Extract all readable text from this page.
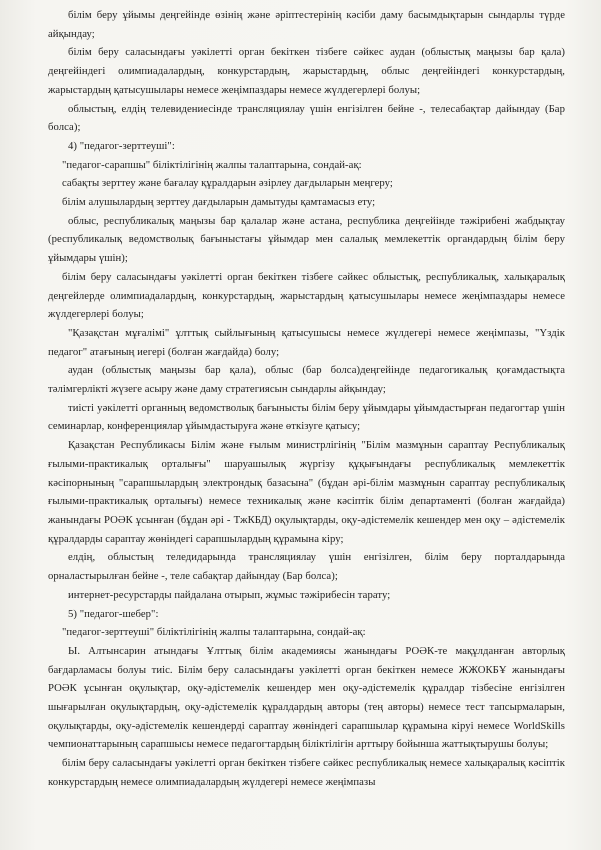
білім беру ұйымы деңгейінде өзінің және әріптестерінің кәсіби даму басымдықтарын сындарлы түрде айқындау;

білім беру саласындағы уәкілетті орган бекіткен тізбеге сәйкес аудан (облыстық маңызы бар қала) деңгейіндегі олимпиадалардың, конкурстардың, жарыстардың, облыс деңгейіндегі конкурстардың, жарыстардың қатысушылары немесе жеңімпаздары немесе жүлдегерлері болуы;

облыстың, елдің телевидениесінде трансляциялау үшін енгізілген бейне -, телесабақтар дайындау (Бар болса);

4) "педагог-зерттеуші":

"педагог-сарапшы" біліктілігінің жалпы талаптарына, сондай-ақ:

сабақты зерттеу және бағалау құралдарын әзірлеу дағдыларын меңгеру;

білім алушылардың зерттеу дағдыларын дамытуды қамтамасыз ету;

облыс, республикалық маңызы бар қалалар және астана, республика деңгейінде тәжірибені жабдықтау (республикалық ведомстволық бағыныстағы ұйымдар мен салалық мемлекеттік органдардың білім беру ұйымдары үшін);

білім беру саласындағы уәкілетті орган бекіткен тізбеге сәйкес облыстық, республикалық, халықаралық деңгейлерде олимпиадалардың, конкурстардың, жарыстардың қатысушылары немесе жеңімпаздары немесе жүлдегерлері болуы;

"Қазақстан мұғалімі" ұлттық сыйлығының қатысушысы немесе жүлдегері немесе жеңімпазы, "Үздік педагог" атағының иегері (болған жағдайда) болу;

аудан (облыстық маңызы бар қала), облыс (бар болса)деңгейінде педагогикалық қоғамдастықта тәлімгерлікті жүзеге асыру және даму стратегиясын сындарлы айқындау;

тиісті уәкілетті органның ведомстволық бағынысты білім беру ұйымдары ұйымдастырған педагогтар үшін семинарлар, конференциялар ұйымдастыруға және өткізуге қатысу;

Қазақстан Республикасы Білім және ғылым министрлігінің "Білім мазмұнын сараптау Республикалық ғылыми-практикалық орталығы" шаруашылық жүргізу құқығындағы республикалық мемлекеттік кәсіпорнының "сарапшылардың электрондық базасына" (бұдан әрі-білім мазмұнын сараптау республикалық ғылыми-практикалық орталығы) немесе техникалық және кәсіптік білім департаменті (болған жағдайда) жанындағы РОӘК ұсынған (бұдан әрі - ТжКБД) оқулықтарды, оқу-әдістемелік кешендер мен оқу – әдістемелік құралдарды сараптау жөніндегі сарапшылардың құрамына кіру;

елдің, облыстың теледидарында трансляциялау үшін енгізілген, білім беру порталдарында орналастырылған бейне -, теле сабақтар дайындау (Бар болса);

интернет-ресурстарды пайдалана отырып, жұмыс тәжірибесін тарату;

5) "педагог-шебер":

"педагог-зерттеуші" біліктілігінің жалпы талаптарына, сондай-ақ:

Ы. Алтынсарин атындағы Ұлттық білім академиясы жанындағы РОӘК-те мақұлданған авторлық бағдарламасы болуы тиіс. Білім беру саласындағы уәкілетті орган бекіткен немесе ЖЖОКБҰ жанындағы РОӘК ұсынған оқулықтар, оқу-әдістемелік кешендер мен оқу-әдістемелік құралдар тізбесіне енгізілген шығарылған оқулықтардың, оқу-әдістемелік құралдардың авторы (тең авторы) немесе тест тапсырмаларын, оқулықтарды, оқу-әдістемелік кешендердi сараптау жөніндегі сарапшылар құрамына кіруі немесе WorldSkills чемпионаттарының сарапшысы немесе педагогтардың біліктілігін арттыру бойынша жаттықтырушы болуы;

білім беру саласындағы уәкілетті орган бекіткен тізбеге сәйкес республикалық немесе халықаралық кәсіптік конкурстардың немесе олимпиадалардың жүлдегері немесе жеңімпазы
